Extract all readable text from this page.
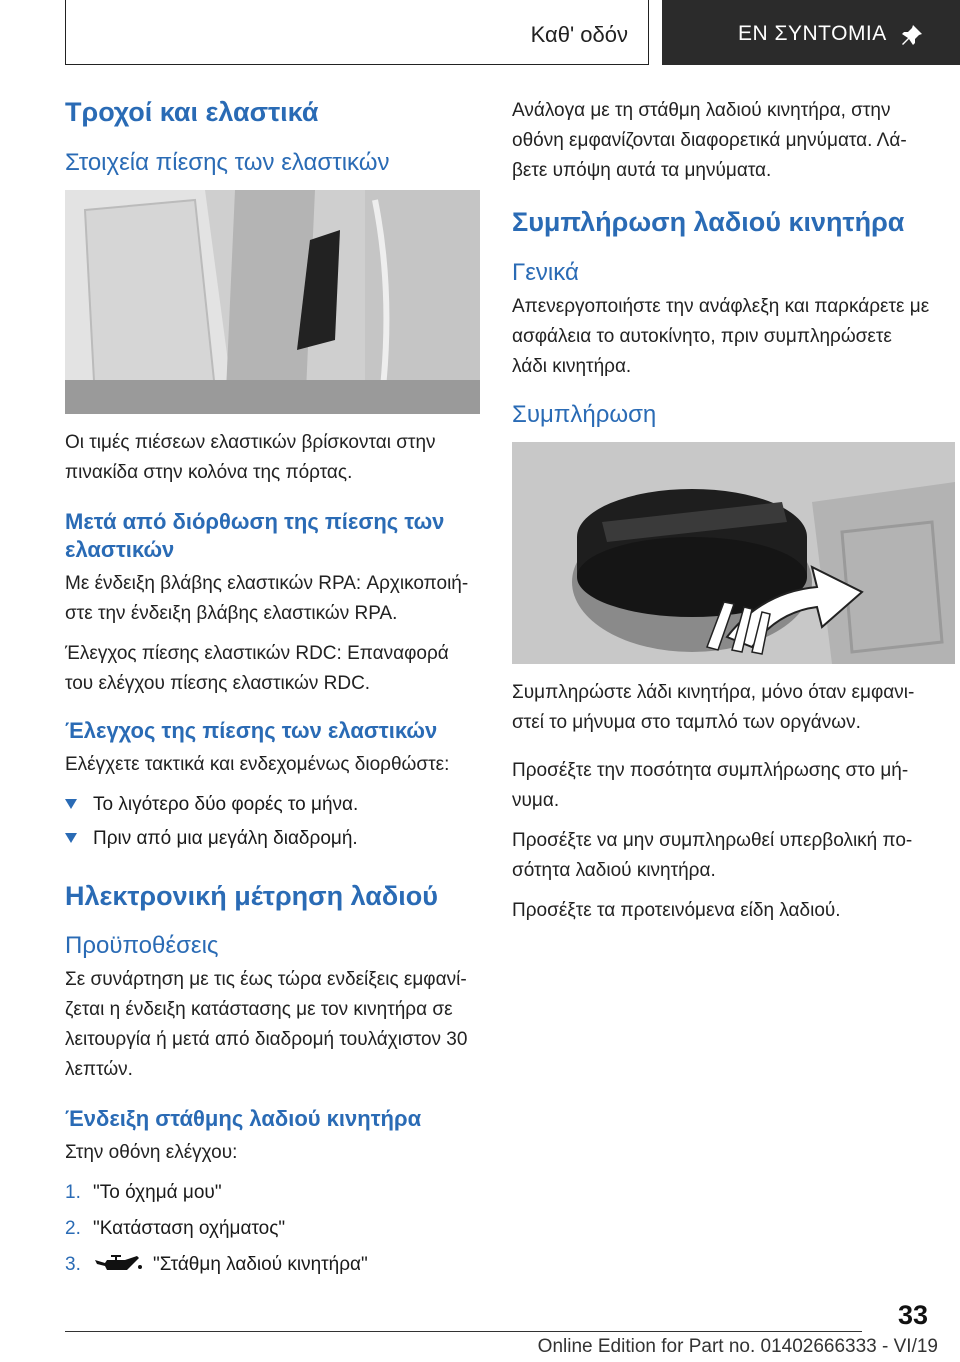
Καθ' οδόν	ΕΝ ΣΥΝΤΟΜΙΑ
Τροχοί και ελαστικά
Στοιχεία πίεσης των ελαστικών

Οι τιμές πιέσεων ελαστικών βρίσκονται στην πινακίδα στην κολόνα της πόρτας.

Μετά από διόρθωση της πίεσης των ελαστικών

Με ένδειξη βλάβης ελαστικών RPA: Αρχικοποιήστε την ένδειξη βλάβης ελαστικών RPA.

Έλεγχος πίεσης ελαστικών RDC: Επαναφορά του ελέγχου πίεσης ελαστικών RDC.

Έλεγχος της πίεσης των ελαστικών

Ελέγχετε τακτικά και ενδεχομένως διορθώστε:

Το λιγότερο δύο φορές το μήνα.
Πριν από μια μεγάλη διαδρομή.
Ηλεκτρονική μέτρηση λαδιού
Προϋποθέσεις

Σε συνάρτηση με τις έως τώρα ενδείξεις εμφανίζεται η ένδειξη κατάστασης με τον κινητήρα σε λειτουργία ή μετά από διαδρομή τουλάχιστον 30 λεπτών.

Ένδειξη στάθμης λαδιού κινητήρα

Στην οθόνη ελέγχου:

1. "Το όχημά μου"
2. "Κατάσταση οχήματος"
3.	"Στάθμη λαδιού κινητήρα"

Ανάλογα με τη στάθμη λαδιού κινητήρα, στην οθόνη εμφανίζονται διαφορετικά μηνύματα. Λάβετε υπόψη αυτά τα μηνύματα.

Συμπλήρωση λαδιού κινητήρα
Γενικά

Απενεργοποιήστε την ανάφλεξη και παρκάρετε με ασφάλεια το αυτοκίνητο, πριν συμπληρώσετε λάδι κινητήρα.

Συμπλήρωση

Συμπληρώστε λάδι κινητήρα, μόνο όταν εμφανιστεί το μήνυμα στο ταμπλό των οργάνων.

Προσέξτε την ποσότητα συμπλήρωσης στο μήνυμα.

Προσέξτε να μην συμπληρωθεί υπερβολική ποσότητα λαδιού κινητήρα.

Προσέξτε τα προτεινόμενα είδη λαδιού.

33
Online Edition for Part no. 01402666333 - VI/19
